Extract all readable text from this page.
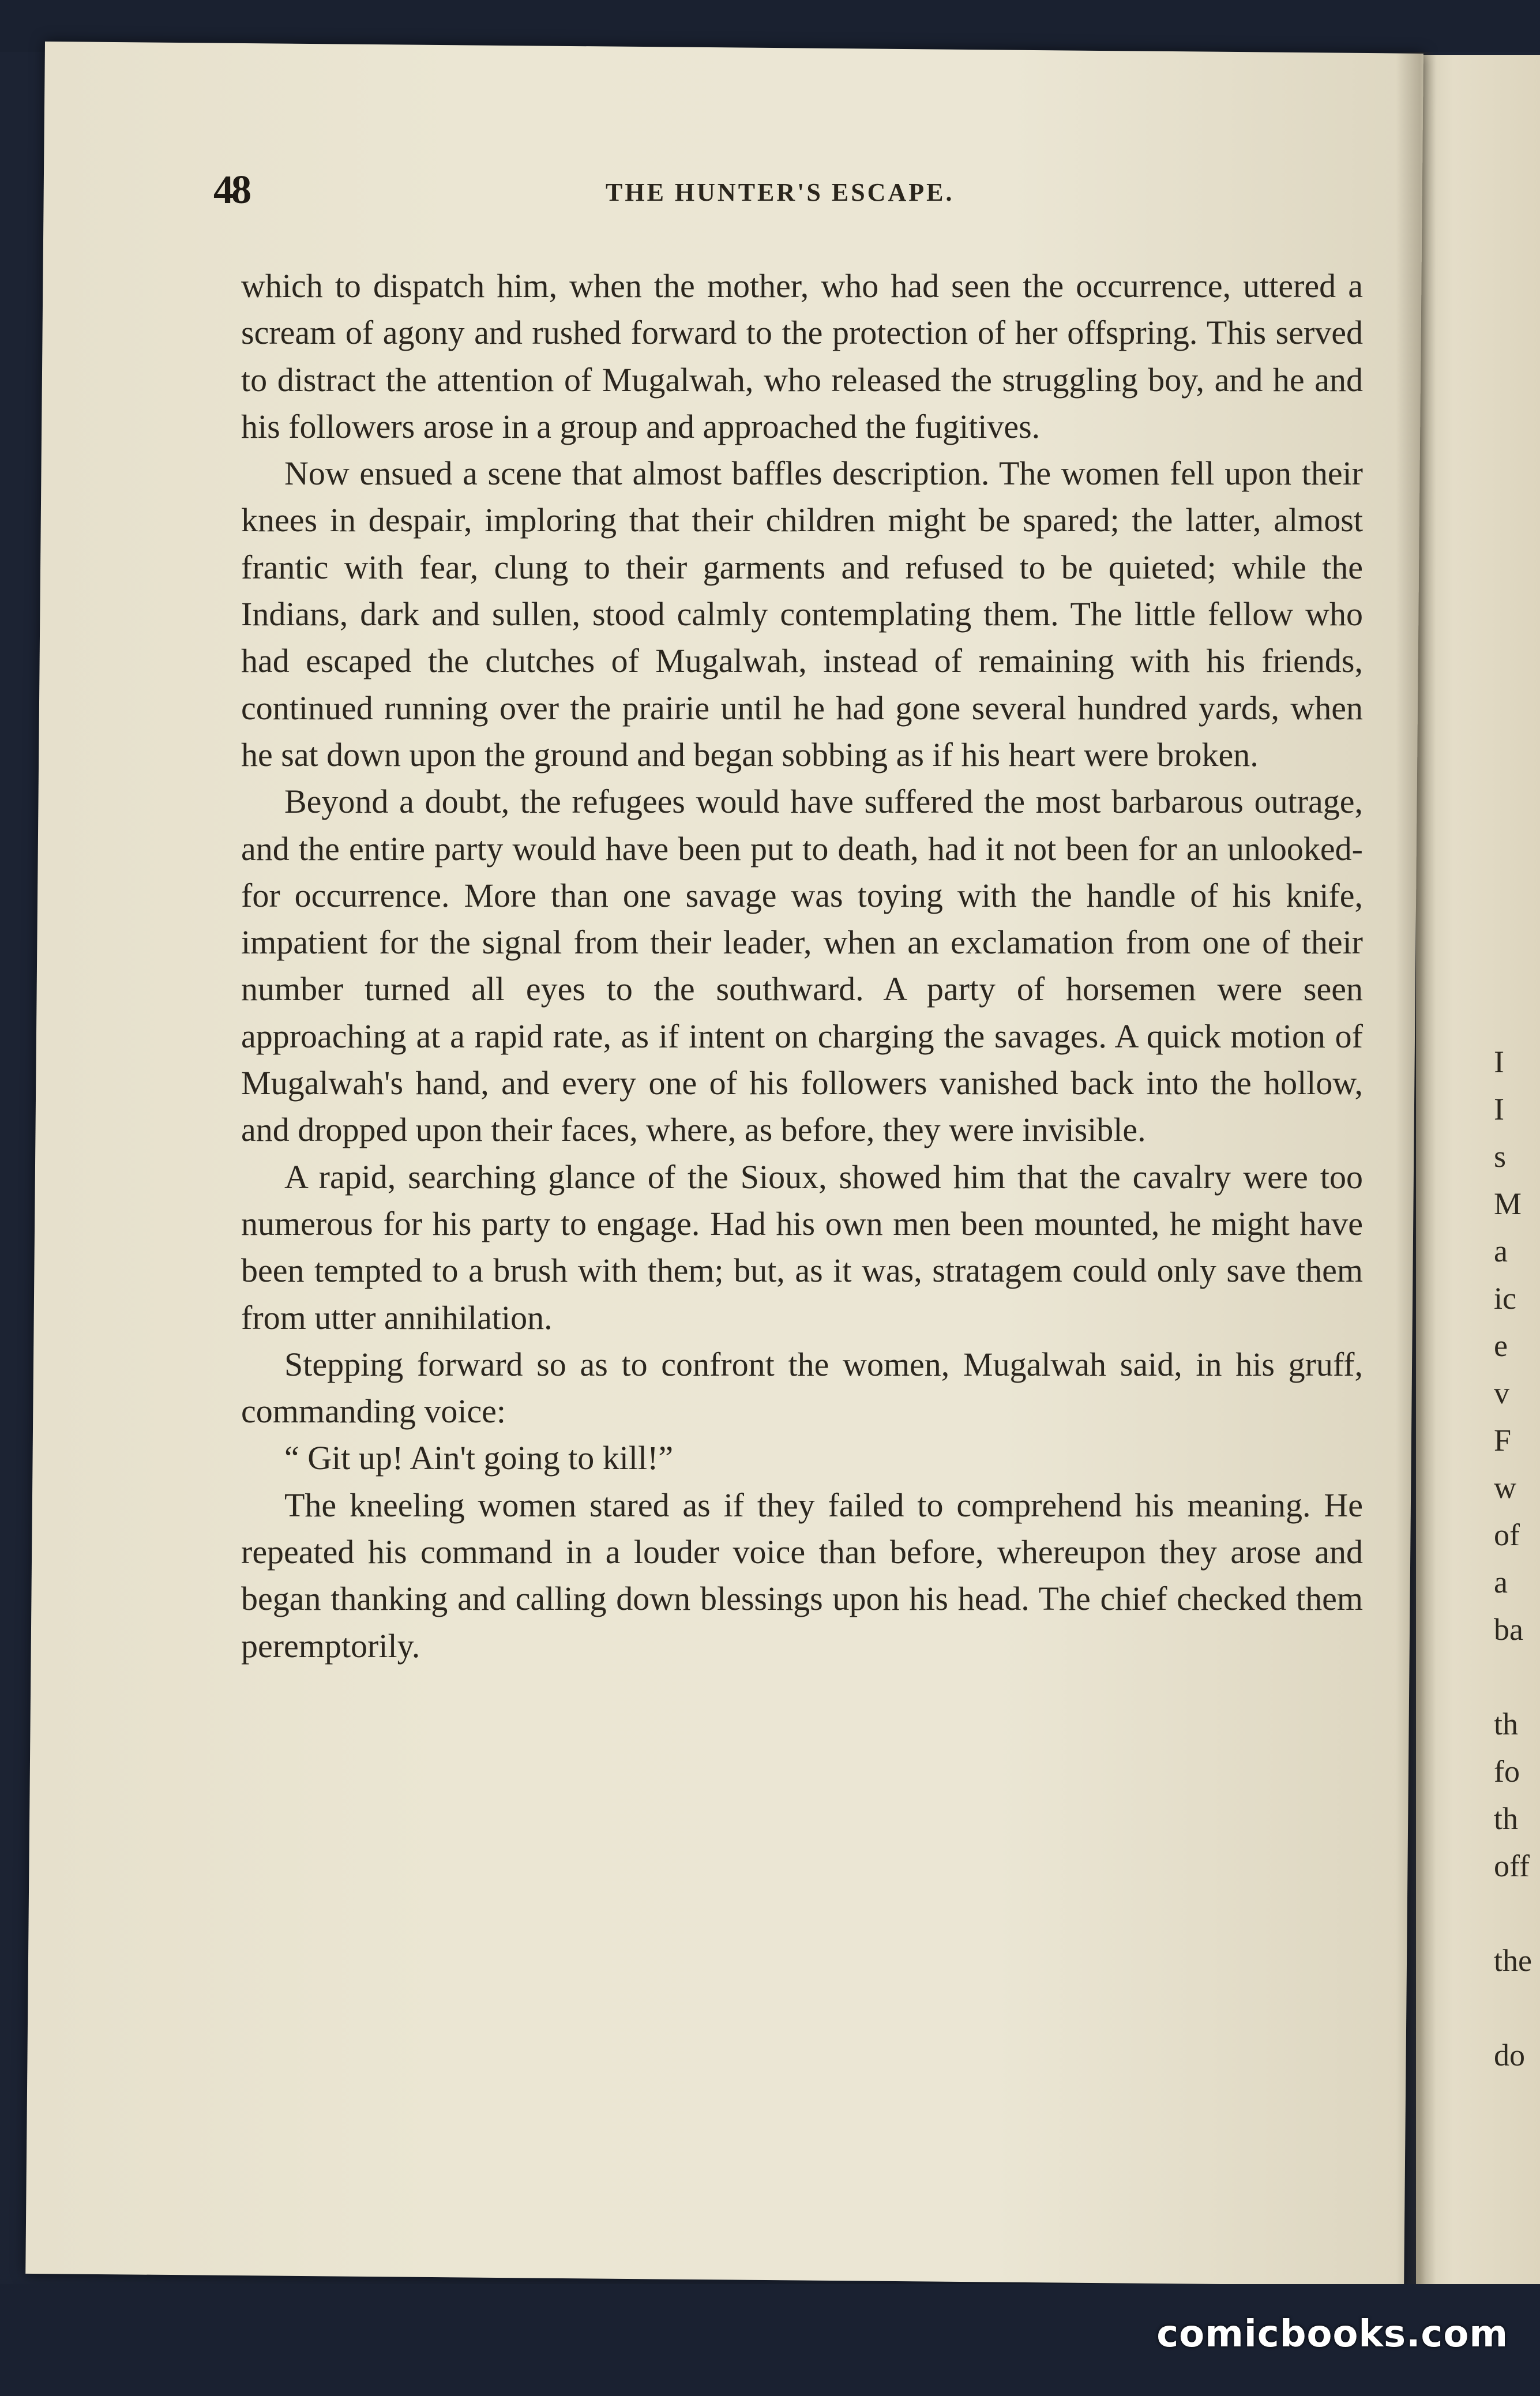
48	THE HUNTER'S ESCAPE.

which to dispatch him, when the mother, who had seen the occurrence, uttered a scream of agony and rushed forward to the protection of her offspring. This served to distract the attention of Mugalwah, who released the struggling boy, and he and his followers arose in a group and approached the fugitives.

Now ensued a scene that almost baffles description. The women fell upon their knees in despair, imploring that their children might be spared; the latter, almost frantic with fear, clung to their garments and refused to be quieted; while the Indians, dark and sullen, stood calmly contemplating them. The little fellow who had escaped the clutches of Mugalwah, instead of remaining with his friends, continued running over the prairie until he had gone several hundred yards, when he sat down upon the ground and began sobbing as if his heart were broken.

Beyond a doubt, the refugees would have suffered the most barbarous outrage, and the entire party would have been put to death, had it not been for an unlooked-for occurrence. More than one savage was toying with the handle of his knife, impatient for the signal from their leader, when an exclamation from one of their number turned all eyes to the southward. A party of horsemen were seen approaching at a rapid rate, as if intent on charging the savages. A quick motion of Mugalwah's hand, and every one of his followers vanished back into the hollow, and dropped upon their faces, where, as before, they were invisible.

A rapid, searching glance of the Sioux, showed him that the cavalry were too numerous for his party to engage. Had his own men been mounted, he might have been tempted to a brush with them; but, as it was, stratagem could only save them from utter annihilation.

Stepping forward so as to confront the women, Mugalwah said, in his gruff, commanding voice:

“ Git up! Ain't going to kill!”

The kneeling women stared as if they failed to comprehend his meaning. He repeated his command in a louder voice than before, whereupon they arose and began thanking and calling down blessings upon his head. The chief checked them peremptorily.

I
I
s
M
a
ic
e
v
F
w
of
a
ba

th
fo
th
off

the

do
comicbooks.com
